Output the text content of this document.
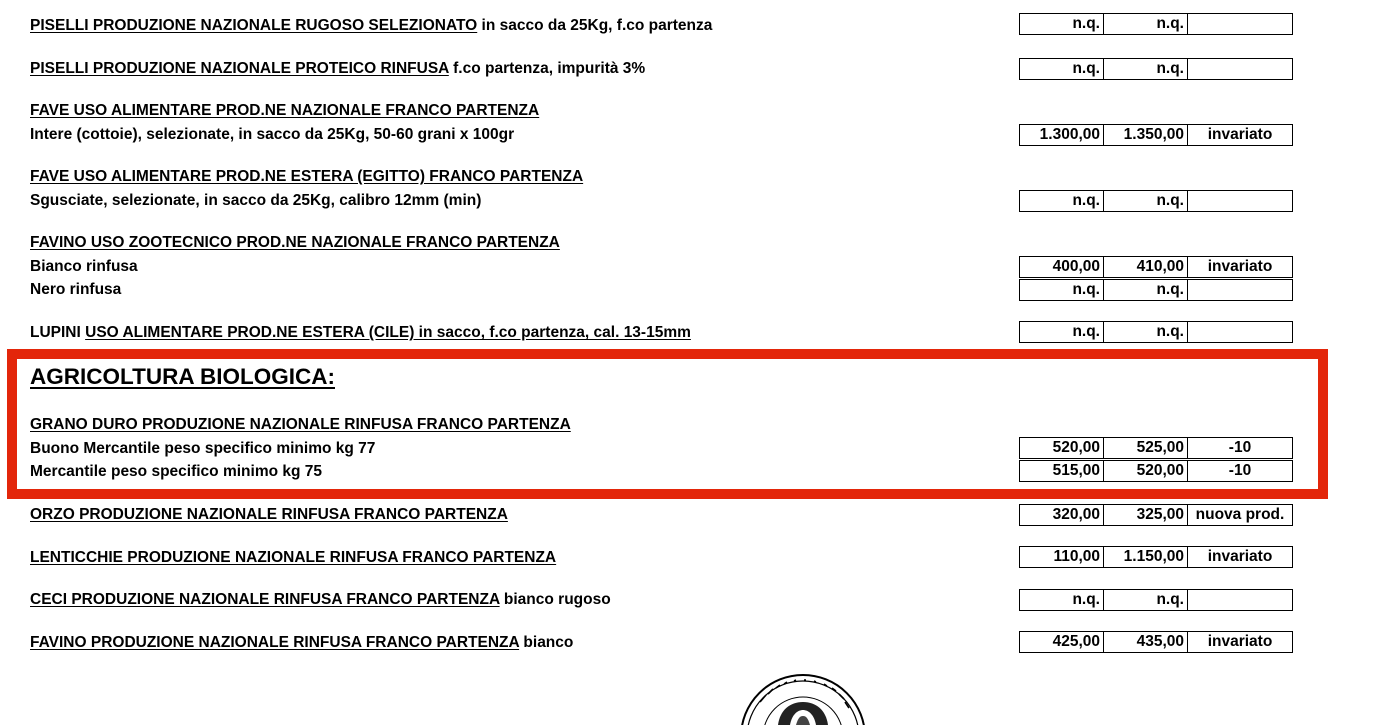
PISELLI PRODUZIONE NAZIONALE RUGOSO SELEZIONATO in sacco da 25Kg, f.co partenza	n.q.	n.q.
PISELLI PRODUZIONE NAZIONALE PROTEICO RINFUSA f.co partenza, impurità 3%	n.q.	n.q.
FAVE USO ALIMENTARE PROD.NE NAZIONALE FRANCO PARTENZA
Intere (cottoie), selezionate, in sacco da 25Kg, 50-60 grani x 100gr	1.300,00	1.350,00	invariato
FAVE USO ALIMENTARE PROD.NE ESTERA (EGITTO) FRANCO PARTENZA
Sgusciate, selezionate, in sacco da 25Kg, calibro 12mm (min)	n.q.	n.q.
FAVINO USO ZOOTECNICO PROD.NE NAZIONALE FRANCO PARTENZA
Bianco rinfusa	400,00	410,00	invariato
Nero rinfusa	n.q.	n.q.
LUPINI USO ALIMENTARE PROD.NE ESTERA (CILE) in sacco, f.co partenza, cal. 13-15mm	n.q.	n.q.
AGRICOLTURA BIOLOGICA:
GRANO DURO PRODUZIONE NAZIONALE RINFUSA FRANCO PARTENZA
Buono Mercantile peso specifico minimo kg 77	520,00	525,00	-10
Mercantile peso specifico minimo kg 75	515,00	520,00	-10
ORZO PRODUZIONE NAZIONALE RINFUSA FRANCO PARTENZA	320,00	325,00 nuova prod.
LENTICCHIE PRODUZIONE NAZIONALE RINFUSA FRANCO PARTENZA	110,00	1.150,00	invariato
CECI PRODUZIONE NAZIONALE RINFUSA FRANCO PARTENZA bianco rugoso	n.q.	n.q.
FAVINO PRODUZIONE NAZIONALE RINFUSA FRANCO PARTENZA bianco	425,00	435,00	invariato
